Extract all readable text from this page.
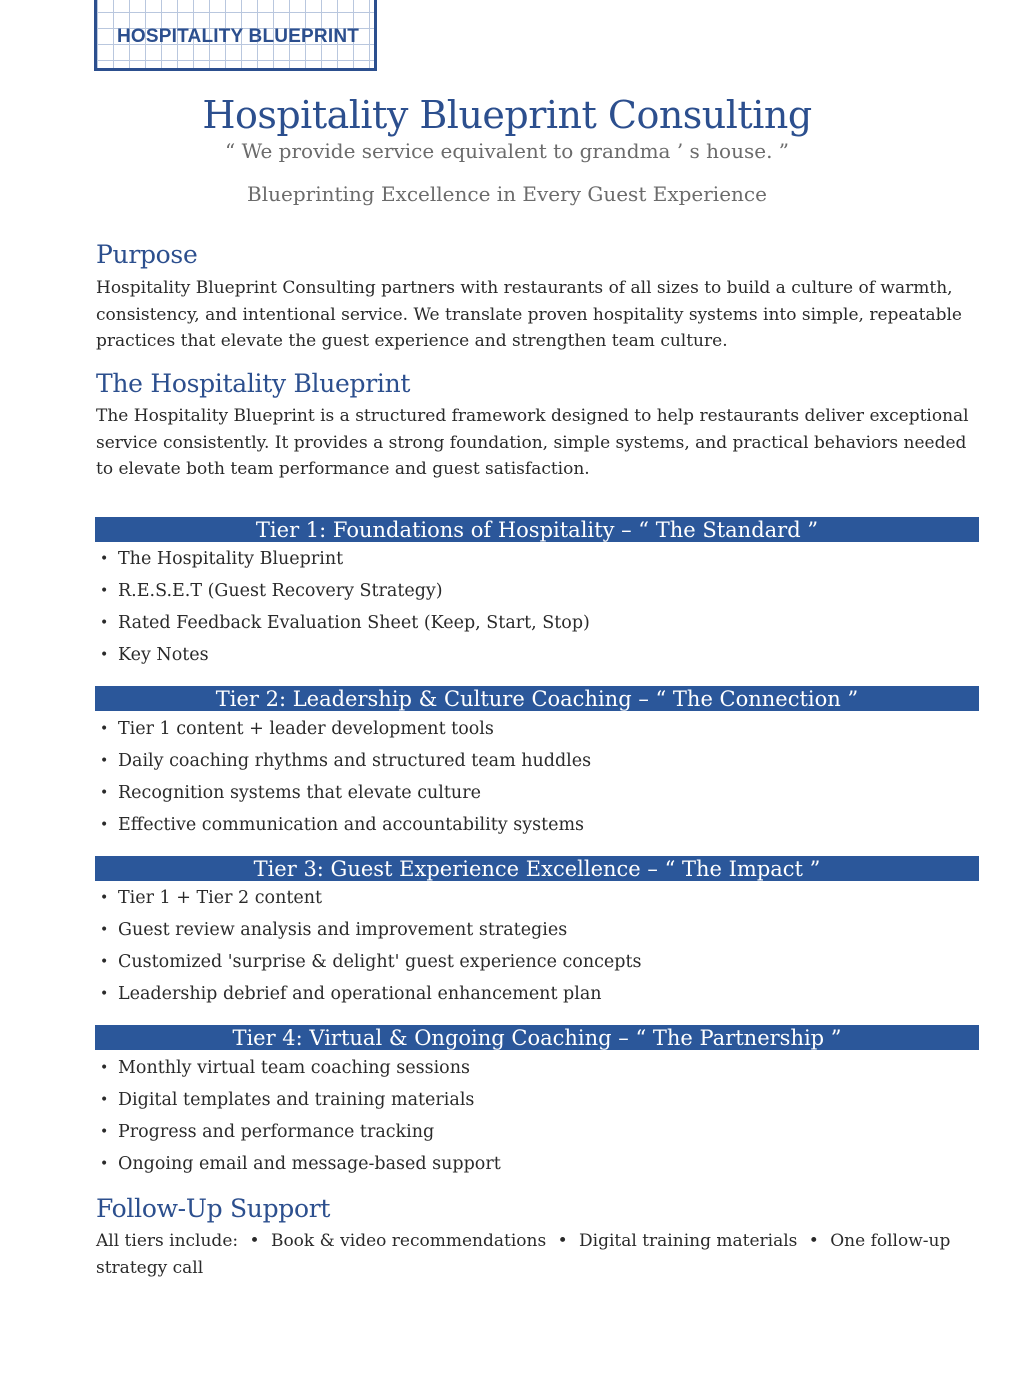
HOSPITALITY BLUEPRINT
Hospitality Blueprint Consulting
“ We provide service equivalent to grandma ’ s house. ”
Blueprinting Excellence in Every Guest Experience
Purpose

Hospitality Blueprint Consulting partners with restaurants of all sizes to build a culture of warmth, consistency, and intentional service. We translate proven hospitality systems into simple, repeatable practices that elevate the guest experience and strengthen team culture.

The Hospitality Blueprint

The Hospitality Blueprint is a structured framework designed to help restaurants deliver exceptional service consistently. It provides a strong foundation, simple systems, and practical behaviors needed to elevate both team performance and guest satisfaction.

Tier 1: Foundations of Hospitality – “ The Standard ”
• The Hospitality Blueprint
• R.E.S.E.T (Guest Recovery Strategy)
• Rated Feedback Evaluation Sheet (Keep, Start, Stop)
• Key Notes
Tier 2: Leadership & Culture Coaching – “ The Connection ”
• Tier 1 content + leader development tools
• Daily coaching rhythms and structured team huddles
• Recognition systems that elevate culture
• Effective communication and accountability systems
Tier 3: Guest Experience Excellence – “ The Impact ”
• Tier 1 + Tier 2 content
• Guest review analysis and improvement strategies
• Customized 'surprise & delight' guest experience concepts
• Leadership debrief and operational enhancement plan
Tier 4: Virtual & Ongoing Coaching – “ The Partnership ”
• Monthly virtual team coaching sessions
• Digital templates and training materials
• Progress and performance tracking
• Ongoing email and message-based support
Follow-Up Support

All tiers include: • Book & video recommendations • Digital training materials • One follow-up strategy call
